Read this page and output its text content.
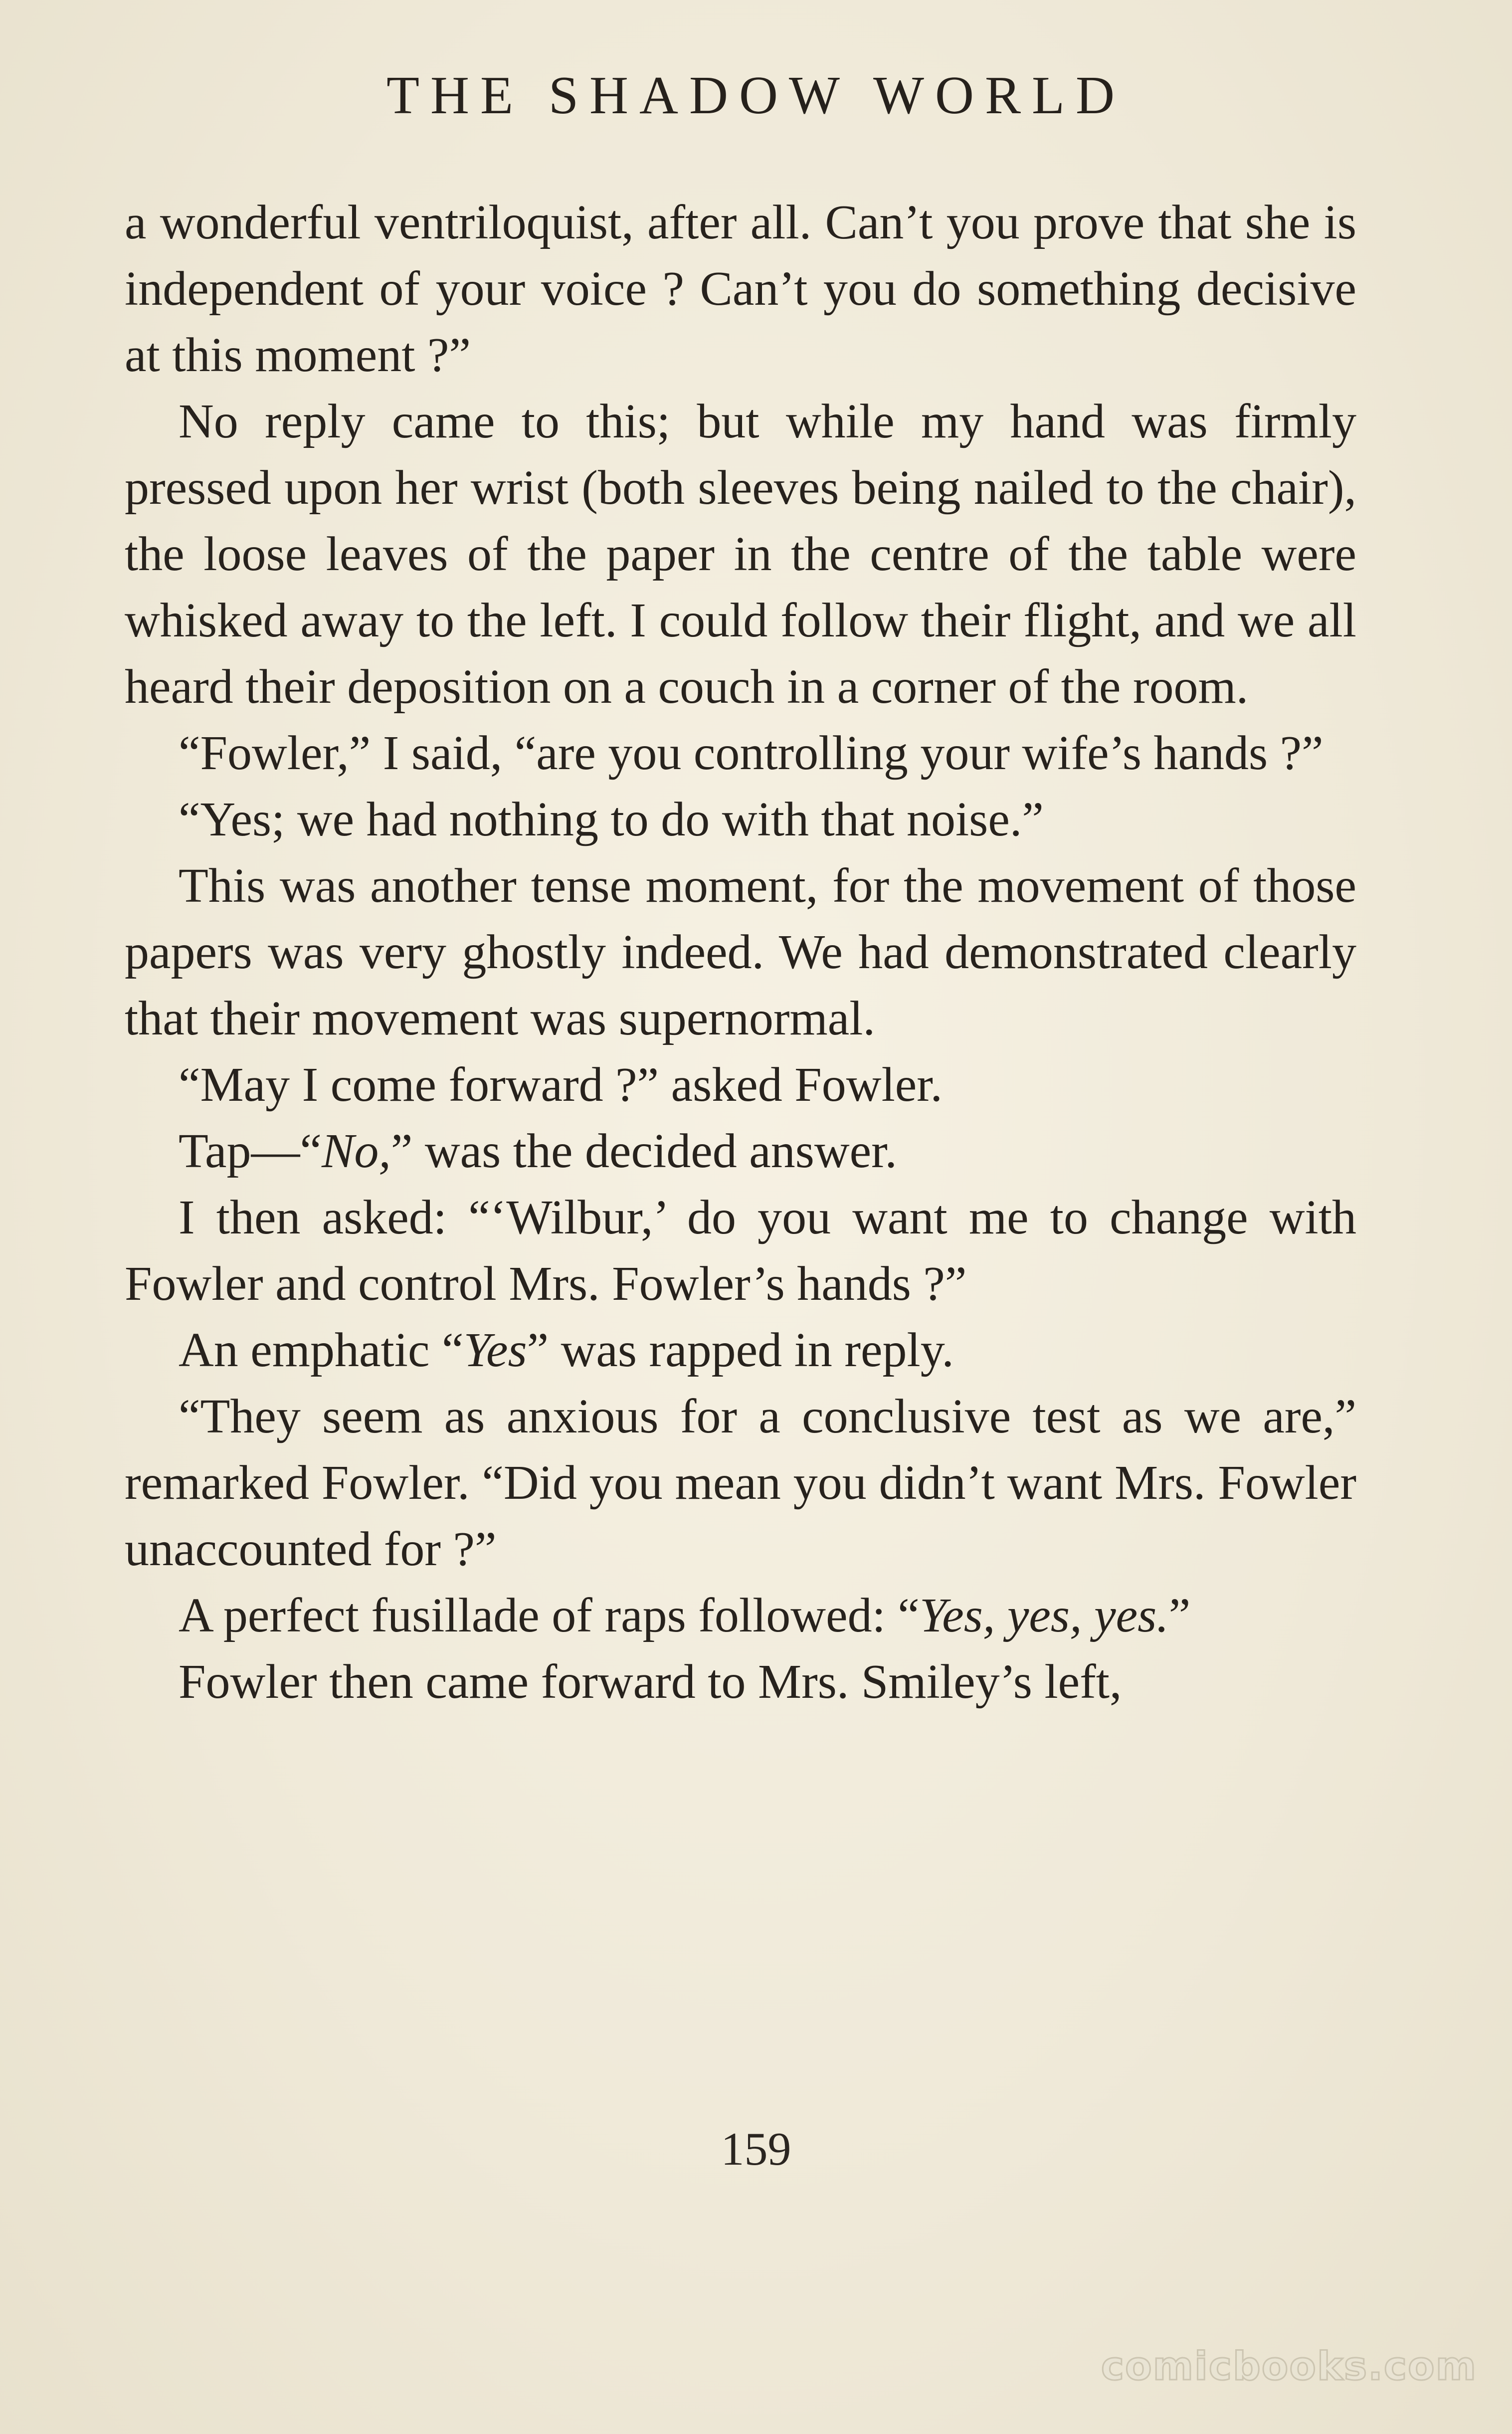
THE SHADOW WORLD

a wonderful ventriloquist, after all. Can’t you prove that she is independent of your voice ? Can’t you do something decisive at this moment ?”

No reply came to this; but while my hand was firmly pressed upon her wrist (both sleeves being nailed to the chair), the loose leaves of the paper in the centre of the table were whisked away to the left. I could follow their flight, and we all heard their deposition on a couch in a corner of the room.

“Fowler,” I said, “are you controlling your wife’s hands ?”

“Yes; we had nothing to do with that noise.”

This was another tense moment, for the movement of those papers was very ghostly indeed. We had demonstrated clearly that their movement was supernormal.

“May I come forward ?” asked Fowler.

Tap—“No,” was the decided answer.

I then asked: “‘Wilbur,’ do you want me to change with Fowler and control Mrs. Fowler’s hands ?”

An emphatic “Yes” was rapped in reply.

“They seem as anxious for a conclusive test as we are,” remarked Fowler. “Did you mean you didn’t want Mrs. Fowler unaccounted for ?”

A perfect fusillade of raps followed: “Yes, yes, yes.”

Fowler then came forward to Mrs. Smiley’s left,

159
comicbooks.com
